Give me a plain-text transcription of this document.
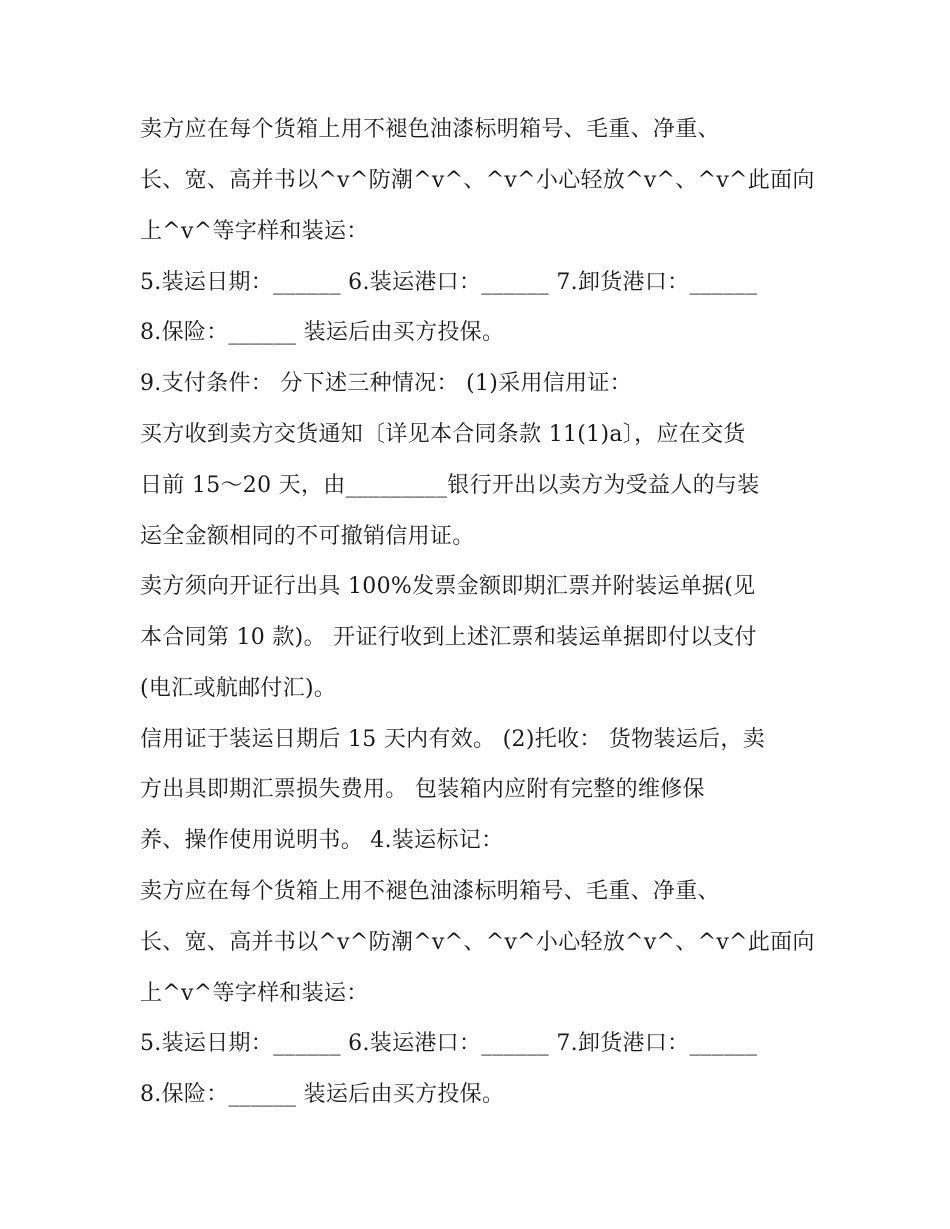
卖方应在每个货箱上用不褪色油漆标明箱号、毛重、净重、
长、宽、高并书以^v^防潮^v^、^v^小心轻放^v^、^v^此面向
上^v^等字样和装运：
5.装运日期：______ 6.装运港口：______ 7.卸货港口：______
8.保险：______ 装运后由买方投保。
9.支付条件： 分下述三种情况： (1)采用信用证：
买方收到卖方交货通知〔详见本合同条款 11(1)a〕，应在交货
日前 15～20 天，由_________银行开出以卖方为受益人的与装
运全金额相同的不可撤销信用证。
卖方须向开证行出具 100%发票金额即期汇票并附装运单据(见
本合同第 10 款)。 开证行收到上述汇票和装运单据即付以支付
(电汇或航邮付汇)。
信用证于装运日期后 15 天内有效。 (2)托收： 货物装运后，卖
方出具即期汇票损失费用。 包装箱内应附有完整的维修保
养、操作使用说明书。 4.装运标记：
卖方应在每个货箱上用不褪色油漆标明箱号、毛重、净重、
长、宽、高并书以^v^防潮^v^、^v^小心轻放^v^、^v^此面向
上^v^等字样和装运：
5.装运日期：______ 6.装运港口：______ 7.卸货港口：______
8.保险：______ 装运后由买方投保。
